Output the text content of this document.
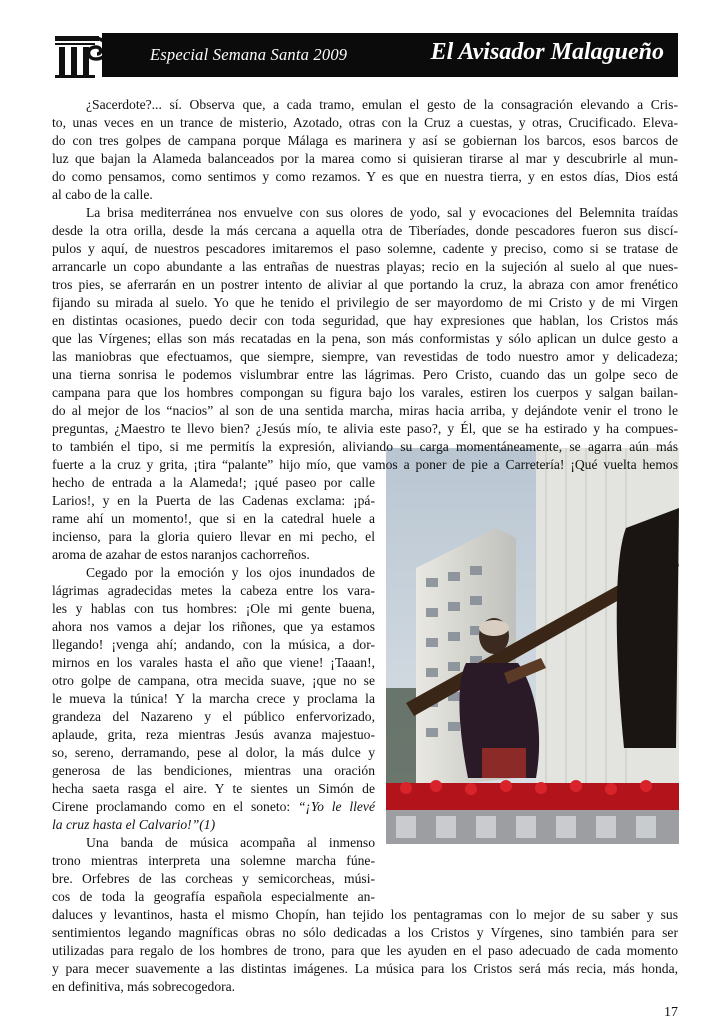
Especial Semana Santa 2009	El Avisador Malagueño
¿Sacerdote?... sí. Observa que, a cada tramo, emulan el gesto de la consagración elevando a Cris-
to, unas veces en un trance de misterio, Azotado, otras con la Cruz a cuestas, y otras, Crucificado. Eleva-
do con tres golpes de campana porque Málaga es marinera y así se gobiernan los barcos, esos barcos de
luz que bajan la Alameda balanceados por la marea como si quisieran tirarse al mar y descubrirle al mun-
do como pensamos, como sentimos y como rezamos. Y es que en nuestra tierra, y en estos días, Dios está
al cabo de la calle.
La brisa mediterránea nos envuelve con sus olores de yodo, sal y evocaciones del Belemnita traídas
desde la otra orilla, desde la más cercana a aquella otra de Tiberíades, donde pescadores fueron sus discí-
pulos y aquí, de nuestros pescadores imitaremos el paso solemne, cadente y preciso, como si se tratase de
arrancarle un copo abundante a las entrañas de nuestras playas; recio en la sujeción al suelo al que nues-
tros pies, se aferrarán en un postrer intento de aliviar al que portando la cruz, la abraza con amor frenético
fijando su mirada al suelo. Yo que he tenido el privilegio de ser mayordomo de mi Cristo y de mi Virgen
en distintas ocasiones, puedo decir con toda seguridad, que hay expresiones que hablan, los Cristos más
que las Vírgenes; ellas son más recatadas en la pena, son más conformistas y sólo aplican un dulce gesto a
las maniobras que efectuamos, que siempre, siempre, van revestidas de todo nuestro amor y delicadeza;
una tierna sonrisa le podemos vislumbrar entre las lágrimas. Pero Cristo, cuando das un golpe seco de
campana para que los hombres compongan su figura bajo los varales, estiren los cuerpos y salgan bailan-
do al mejor de los “nacios” al son de una sentida marcha, miras hacia arriba, y dejándote venir el trono le
preguntas, ¿Maestro te llevo bien? ¿Jesús mío, te alivia este paso?, y Él, que se ha estirado y ha compues-
to también el tipo, si me permitís la expresión, aliviando su carga momentáneamente, se agarra aún más
fuerte a la cruz y grita, ¡tira “palante” hijo mío, que vamos a poner de pie a Carretería! ¡Qué vuelta hemos
hecho de entrada a la Alameda!; ¡qué paseo por calle
Larios!, y en la Puerta de las Cadenas exclama: ¡pá-
rame ahí un momento!, que si en la catedral huele a
incienso, para la gloria quiero llevar en mi pecho, el
aroma de azahar de estos naranjos cachorreños.
Cegado por la emoción y los ojos inundados de
lágrimas agradecidas metes la cabeza entre los vara-
les y hablas con tus hombres: ¡Ole mi gente buena,
ahora nos vamos a dejar los riñones, que ya estamos
llegando! ¡venga ahí; andando, con la música, a dor-
mirnos en los varales hasta el año que viene! ¡Taaan!,
otro golpe de campana, otra mecida suave, ¡que no se
le mueva la túnica! Y la marcha crece y proclama la
grandeza del Nazareno y el público enfervorizado,
aplaude, grita, reza mientras Jesús avanza majestuo-
so, sereno, derramando, pese al dolor, la más dulce y
generosa de las bendiciones, mientras una oración
hecha saeta rasga el aire. Y te sientes un Simón de
Cirene proclamando como en el soneto: “¡Yo le llevé
la cruz hasta el Calvario!”(1)
Una banda de música acompaña al inmenso
trono mientras interpreta una solemne marcha fúne-
bre. Orfebres de las corcheas y semicorcheas, músi-
cos de toda la geografía española especialmente an-
daluces y levantinos, hasta el mismo Chopín, han tejido los pentagramas con lo mejor de su saber y sus
sentimientos legando magníficas obras no sólo dedicadas a los Cristos y Vírgenes, sino también para ser
utilizadas para regalo de los hombres de trono, para que les ayuden en el paso adecuado de cada momento
y para mecer suavemente a las distintas imágenes. La música para los Cristos será más recia, más honda,
en definitiva, más sobrecogedora.
17
